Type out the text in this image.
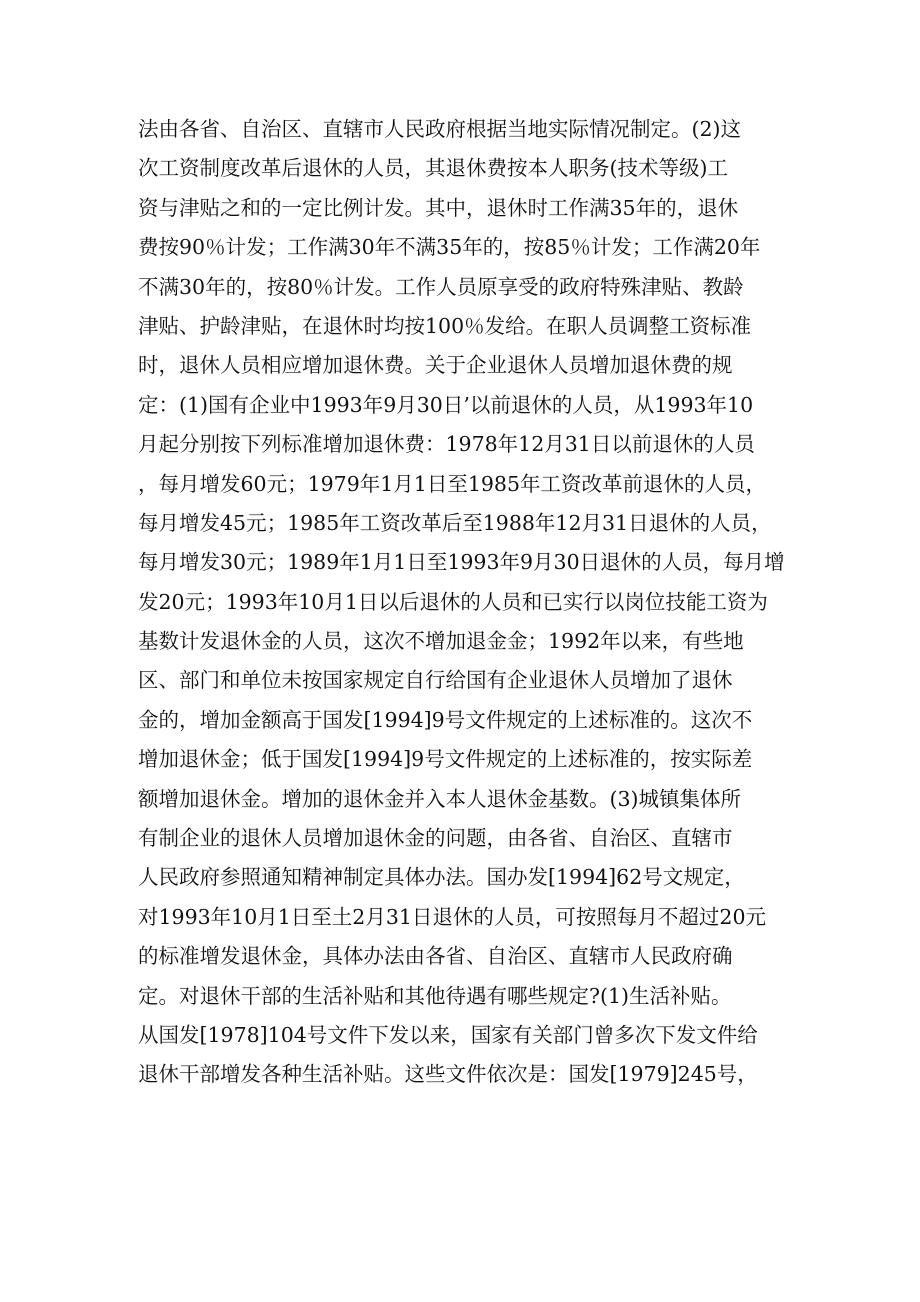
法由各省、自治区、直辖市人民政府根据当地实际情况制定。(2)这
次工资制度改革后退休的人员，其退休费按本人职务(技术等级)工
资与津贴之和的一定比例计发。其中，退休时工作满35年的，退休
费按90％计发；工作满30年不满35年的，按85％计发；工作满20年
不满30年的，按80％计发。工作人员原享受的政府特殊津贴、教龄
津贴、护龄津贴，在退休时均按100％发给。在职人员调整工资标准
时，退休人员相应增加退休费。关于企业退休人员增加退休费的规
定：(1)国有企业中1993年9月30日’以前退休的人员，从1993年10
月起分别按下列标准增加退休费：1978年12月31日以前退休的人员
，每月增发60元；1979年1月1日至1985年工资改革前退休的人员，
每月增发45元；1985年工资改革后至1988年12月31日退休的人员，
每月增发30元；1989年1月1日至1993年9月30日退休的人员，每月增
发20元；1993年10月1日以后退休的人员和已实行以岗位技能工资为
基数计发退休金的人员，这次不增加退金金；1992年以来，有些地
区、部门和单位未按国家规定自行给国有企业退休人员增加了退休
金的，增加金额高于国发[1994]9号文件规定的上述标准的。这次不
增加退休金；低于国发[1994]9号文件规定的上述标准的，按实际差
额增加退休金。增加的退休金并入本人退休金基数。(3)城镇集体所
有制企业的退休人员增加退休金的问题，由各省、自治区、直辖市
人民政府参照通知精神制定具体办法。国办发[1994]62号文规定，
对1993年10月1日至土2月31日退休的人员，可按照每月不超过20元
的标准增发退休金，具体办法由各省、自治区、直辖市人民政府确
定。对退休干部的生活补贴和其他待遇有哪些规定?(1)生活补贴。
从国发[1978]104号文件下发以来，国家有关部门曾多次下发文件给
退休干部增发各种生活补贴。这些文件依次是：国发[1979]245号，
